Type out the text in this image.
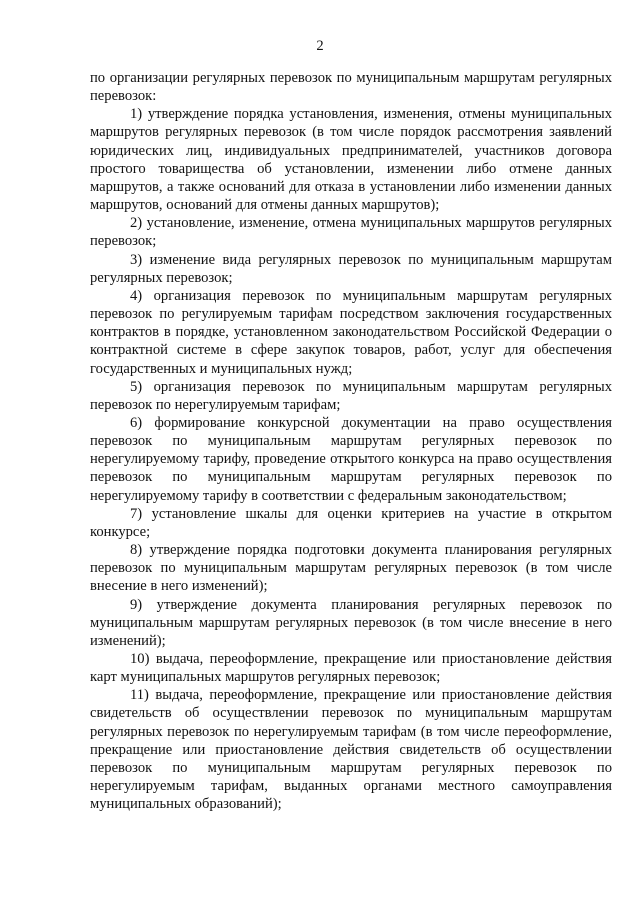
2

по организации регулярных перевозок по муниципальным маршрутам регулярных перевозок:

1) утверждение порядка установления, изменения, отмены муниципальных маршрутов регулярных перевозок (в том числе порядок рассмотрения заявлений юридических лиц, индивидуальных предпринимателей, участников договора простого товарищества об установлении, изменении либо отмене данных маршрутов, а также оснований для отказа в установлении либо изменении данных маршрутов, оснований для отмены данных маршрутов);

2) установление, изменение, отмена муниципальных маршрутов регулярных перевозок;

3) изменение вида регулярных перевозок по муниципальным маршрутам регулярных перевозок;

4) организация перевозок по муниципальным маршрутам регулярных перевозок по регулируемым тарифам посредством заключения государственных контрактов в порядке, установленном законодательством Российской Федерации о контрактной системе в сфере закупок товаров, работ, услуг для обеспечения государственных и муниципальных нужд;

5) организация перевозок по муниципальным маршрутам регулярных перевозок по нерегулируемым тарифам;

6) формирование конкурсной документации на право осуществления перевозок по муниципальным маршрутам регулярных перевозок по нерегулируемому тарифу, проведение открытого конкурса на право осуществления перевозок по муниципальным маршрутам регулярных перевозок по нерегулируемому тарифу в соответствии с федеральным законодательством;

7) установление шкалы для оценки критериев на участие в открытом конкурсе;

8) утверждение порядка подготовки документа планирования регулярных перевозок по муниципальным маршрутам регулярных перевозок (в том числе внесение в него изменений);

9) утверждение документа планирования регулярных перевозок по муниципальным маршрутам регулярных перевозок (в том числе внесение в него изменений);

10) выдача, переоформление, прекращение или приостановление действия карт муниципальных маршрутов регулярных перевозок;

11) выдача, переоформление, прекращение или приостановление действия свидетельств об осуществлении перевозок по муниципальным маршрутам регулярных перевозок по нерегулируемым тарифам (в том числе переоформление, прекращение или приостановление действия свидетельств об осуществлении перевозок по муниципальным маршрутам регулярных перевозок по нерегулируемым тарифам, выданных органами местного самоуправления муниципальных образований);
